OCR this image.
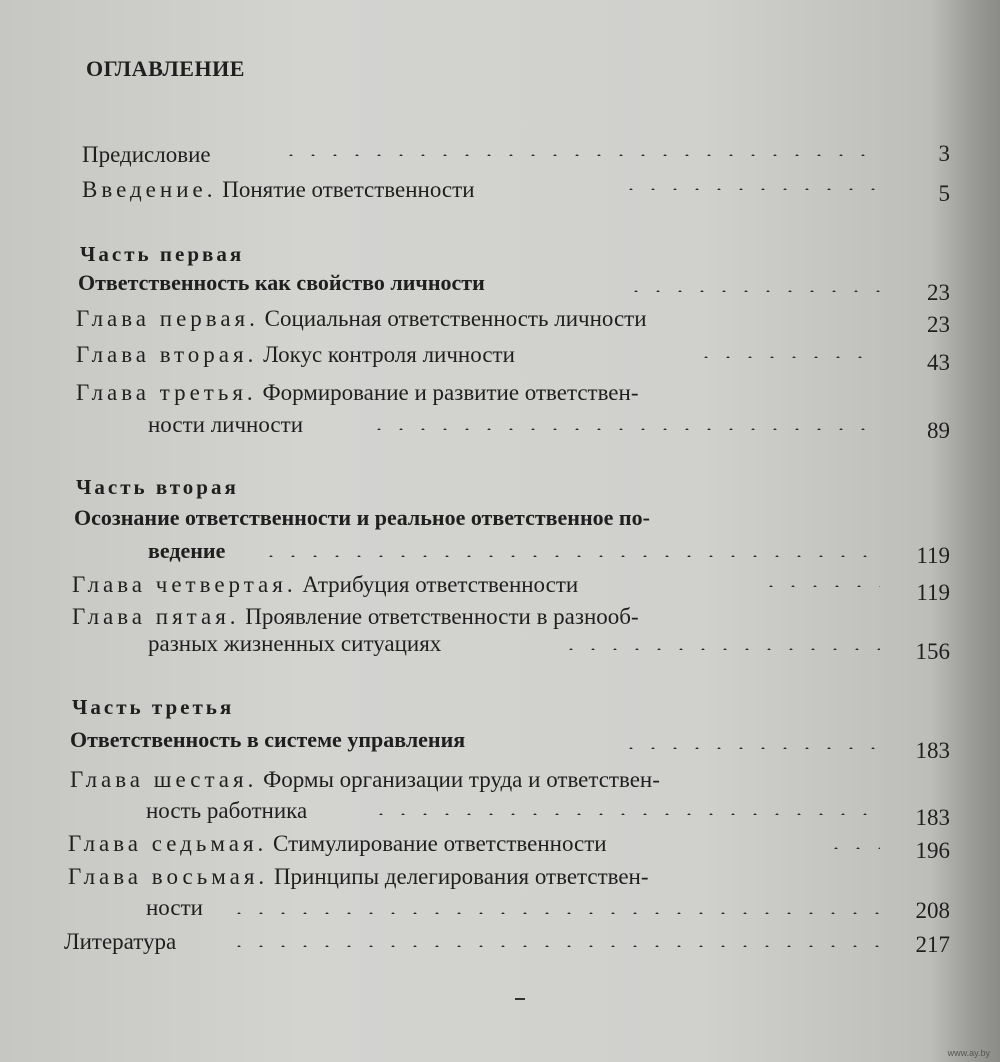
ОГЛАВЛЕНИЕ
Предисловие	3
Введение. Понятие ответственности	5
Часть первая
Ответственность как свойство личности	23
Глава первая. Социальная ответственность личности	23
Глава вторая. Локус контроля личности	43
Глава третья. Формирование и развитие ответствен-
ности личности	89
Часть вторая
Осознание ответственности и реальное ответственное по-
ведение	119
Глава четвертая. Атрибуция ответственности	119
Глава пятая. Проявление ответственности в разнооб-
разных жизненных ситуациях	156
Часть третья
Ответственность в системе управления	183
Глава шестая. Формы организации труда и ответствен-
ность работника	183
Глава седьмая. Стимулирование ответственности	196
Глава восьмая. Принципы делегирования ответствен-
ности	208
Литература	217
www.ay.by
